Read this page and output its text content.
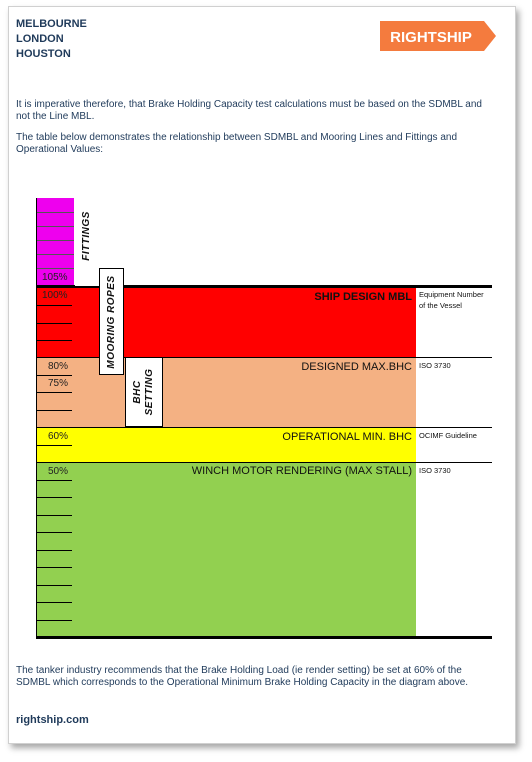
MELBOURNE
LONDON
HOUSTON
RIGHTSHIP
It is imperative therefore, that Brake Holding Capacity test calculations must be based on the SDMBL and not the Line MBL.
The table below demonstrates the relationship between SDMBL and Mooring Lines and Fittings and Operational Values:
105%
100%
80%
75%
60%
50%
FITTINGS
MOORING ROPES
BHC SETTING
SHIP DESIGN MBL
DESIGNED MAX.BHC
OPERATIONAL MIN. BHC
WINCH MOTOR RENDERING (MAX STALL)
Equipment Number of the Vessel
ISO 3730
OCIMF Guideline
ISO 3730
The tanker industry recommends that the Brake Holding Load (ie render setting) be set at 60% of the SDMBL which corresponds to the Operational Minimum Brake Holding Capacity in the diagram above.
rightship.com
